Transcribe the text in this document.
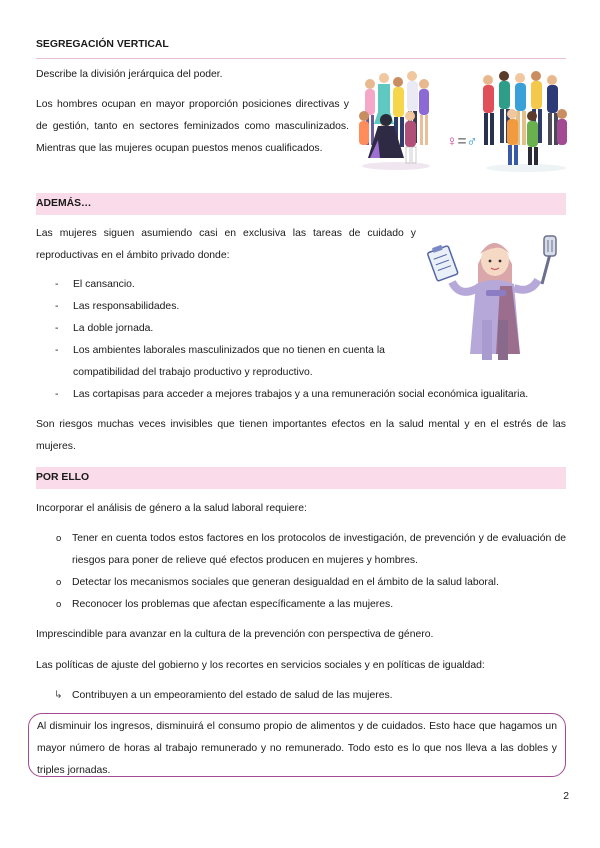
SEGREGACIÓN VERTICAL
Describe la división jerárquica del poder.
Los hombres ocupan en mayor proporción posiciones directivas y de gestión, tanto en sectores feminizados como masculinizados. Mientras que las mujeres ocupan puestos menos cualificados.	♀=♂
ADEMÁS…
Las mujeres siguen asumiendo casi en exclusiva las tareas de cuidado y reproductivas en el ámbito privado donde:
- El cansancio.
- Las responsabilidades.
- La doble jornada.
- Los ambientes laborales masculinizados que no tienen en cuenta la compatibilidad del trabajo productivo y reproductivo.
- Las cortapisas para acceder a mejores trabajos y a una remuneración social económica igualitaria.
Son riesgos muchas veces invisibles que tienen importantes efectos en la salud mental y en el estrés de las mujeres.
POR ELLO
Incorporar el análisis de género a la salud laboral requiere:
o Tener en cuenta todos estos factores en los protocolos de investigación, de prevención y de evaluación de riesgos para poner de relieve qué efectos producen en mujeres y hombres.
o Detectar los mecanismos sociales que generan desigualdad en el ámbito de la salud laboral.
o Reconocer los problemas que afectan específicamente a las mujeres.
Imprescindible para avanzar en la cultura de la prevención con perspectiva de género.
Las políticas de ajuste del gobierno y los recortes en servicios sociales y en políticas de igualdad:
↳ Contribuyen a un empeoramiento del estado de salud de las mujeres.
Al disminuir los ingresos, disminuirá el consumo propio de alimentos y de cuidados. Esto hace que hagamos un mayor número de horas al trabajo remunerado y no remunerado. Todo esto es lo que nos lleva a las dobles y triples jornadas.
2
